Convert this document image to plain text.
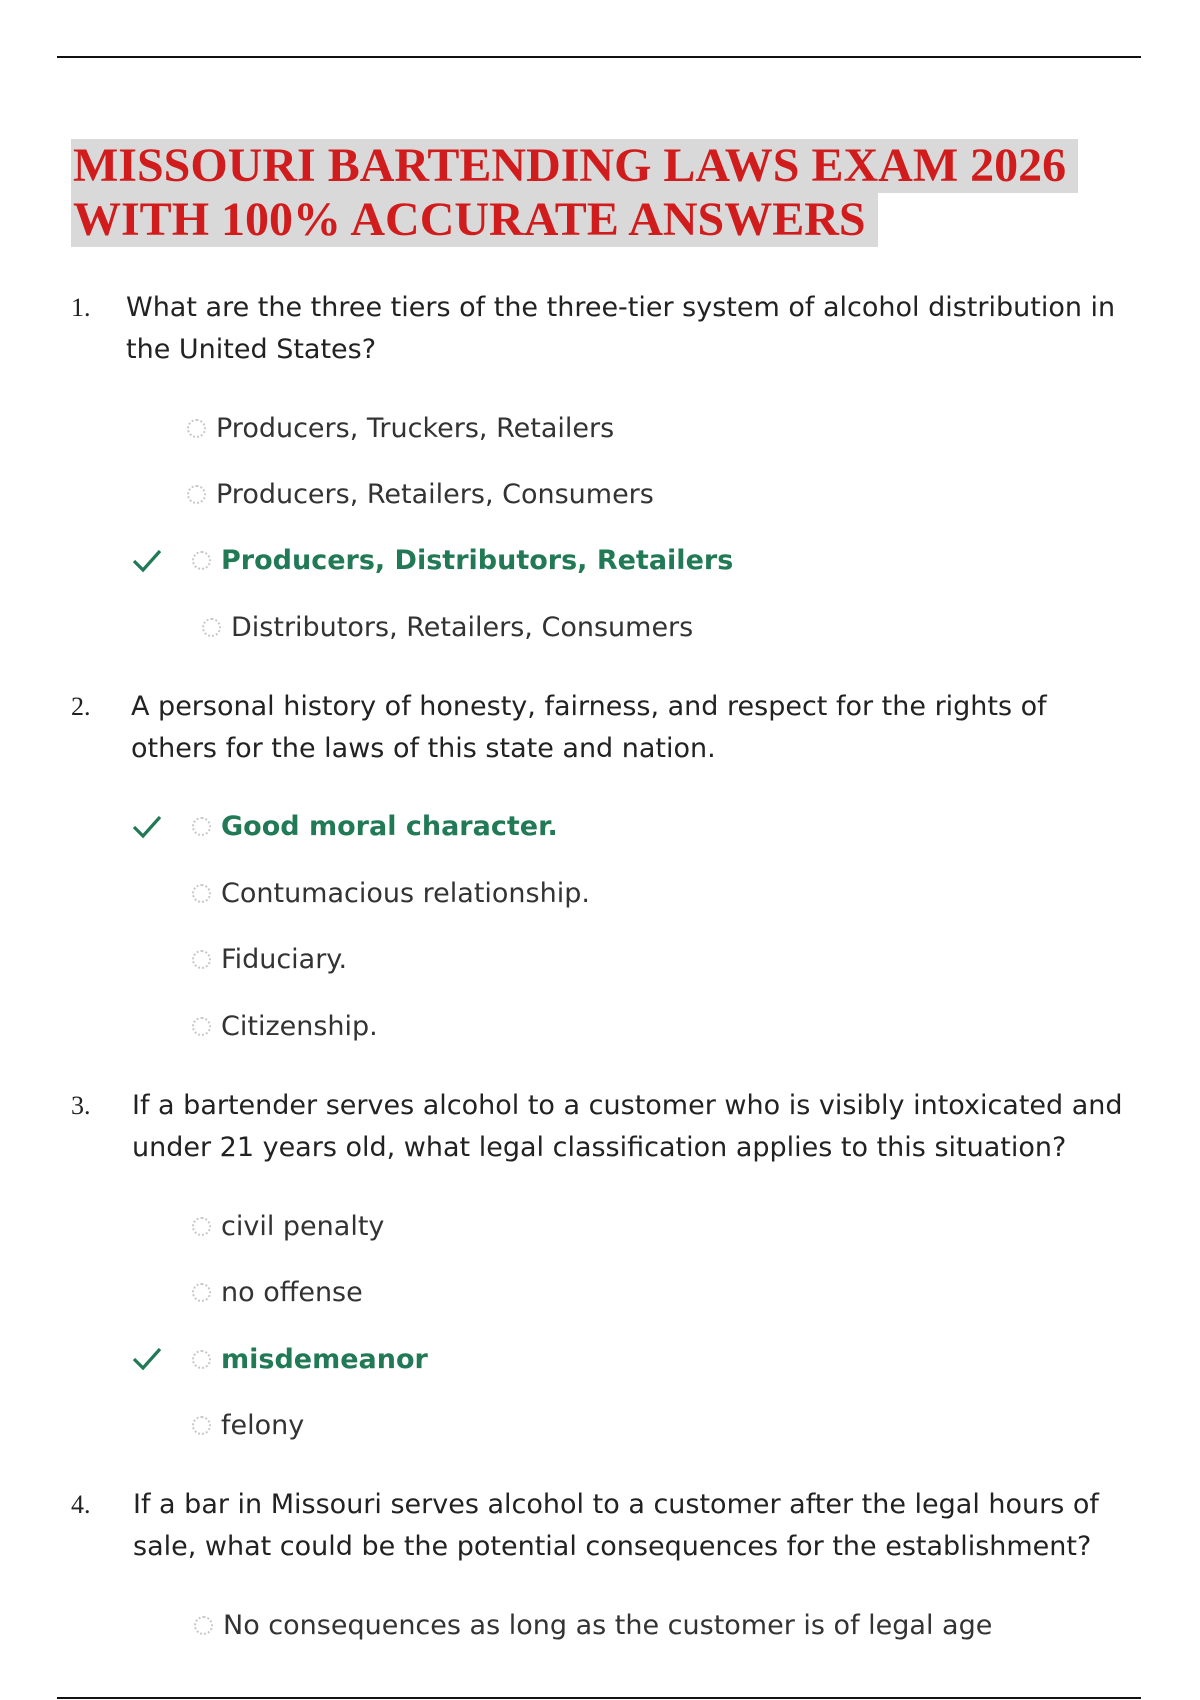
MISSOURI BARTENDING LAWS EXAM 2026
WITH 100% ACCURATE ANSWERS
1. What are the three tiers of the three-tier system of alcohol distribution in the United States?
Producers, Truckers, Retailers
Producers, Retailers, Consumers
Producers, Distributors, Retailers
Distributors, Retailers, Consumers
2. A personal history of honesty, fairness, and respect for the rights of others for the laws of this state and nation.
Good moral character.
Contumacious relationship.
Fiduciary.
Citizenship.
3. If a bartender serves alcohol to a customer who is visibly intoxicated and under 21 years old, what legal classification applies to this situation?
civil penalty
no offense
misdemeanor
felony
4. If a bar in Missouri serves alcohol to a customer after the legal hours of sale, what could be the potential consequences for the establishment?
No consequences as long as the customer is of legal age
